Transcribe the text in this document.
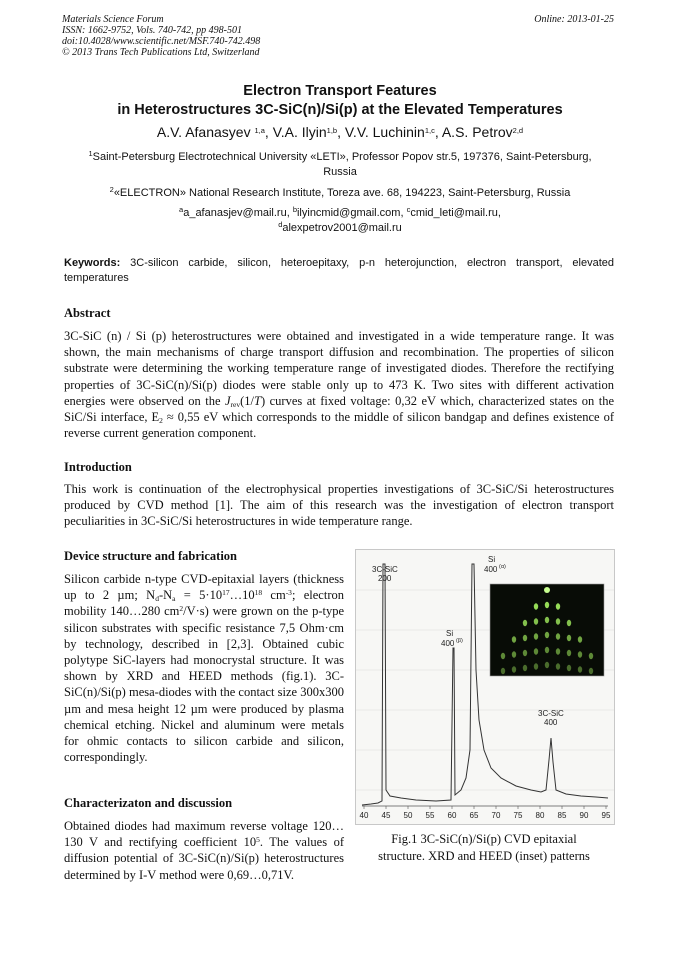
Materials Science Forum
ISSN: 1662-9752, Vols. 740-742, pp 498-501
doi:10.4028/www.scientific.net/MSF.740-742.498
© 2013 Trans Tech Publications Ltd, Switzerland
Online: 2013-01-25
Electron Transport Features
in Heterostructures 3C-SiC(n)/Si(p) at the Elevated Temperatures
A.V. Afanasyev $^{1,a}$, V.A. Ilyin$^{1,b}$, V.V. Luchinin$^{1,c}$, A.S. Petrov$^{2,d}$
$^1$Saint-Petersburg Electrotechnical University «LETI», Professor Popov str.5, 197376, Saint-Petersburg, Russia
$^2$«ELECTRON» National Research Institute, Toreza ave. 68, 194223, Saint-Petersburg, Russia
$^a$a_afanasjev@mail.ru, $^b$ilyincmid@gmail.com, $^c$cmid_leti@mail.ru,
$^d$alexpetrov2001@mail.ru
Keywords: 3C-silicon carbide, silicon, heteroepitaxy, p-n heterojunction, electron transport, elevated temperatures
Abstract
3C-SiC (n) / Si (p) heterostructures were obtained and investigated in a wide temperature range. It was shown, the main mechanisms of charge transport diffusion and recombination. The properties of silicon substrate were determining the working temperature range of investigated diodes. Therefore the rectifying properties of 3C-SiC(n)/Si(p) diodes were stable only up to 473 K. Two sites with different activation energies were observed on the $J_{rev}(1/T)$ curves at fixed voltage: 0,32 eV which, characterized states on the SiC/Si interface, $E_2 \approx 0,55$ eV which corresponds to the middle of silicon bandgap and defines existence of reverse current generation component.
Introduction
This work is continuation of the electrophysical properties investigations of 3C-SiC/Si heterostructures produced by CVD method [1]. The aim of this research was the investigation of electron transport peculiarities in 3C-SiC/Si heterostructures in wide temperature range.
Device structure and fabrication
Silicon carbide n-type CVD-epitaxial layers (thickness up to 2 µm; $N_d-N_a$ = $5\cdot 10^{17}\dots 10^{18}$ $cm^{-3}$; electron mobility 140…280 $cm^2/V\cdot s$) were grown on the p-type silicon substrates with specific resistance 7,5 Ohm·cm by technology, described in [2,3]. Obtained cubic polytype SiC-layers had monocrystal structure. It was shown by XRD and HEED methods (fig.1). 3C-SiC(n)/Si(p) mesa-diodes with the contact size 300x300 µm and mesa height 12 µm were produced by plasma chemical etching. Nickel and aluminum were metals for ohmic contacts to silicon carbide and silicon, correspondingly.
Characterizaton and discussion
Obtained diodes had maximum reverse voltage 120…130 V and rectifying coefficient $10^5$. The values of diffusion potential of 3C-SiC(n)/Si(p) heterostructures determined by I-V method were 0,69…0,71V.
3C-SiC
200
Si
400 (β)
Si
400 (α)
3C-SiC
400
40 45 50 55 60 65 70 75 80 85 90 95
Fig.1 3C-SiC(n)/Si(p) CVD epitaxial
structure. XRD and HEED (inset) patterns
